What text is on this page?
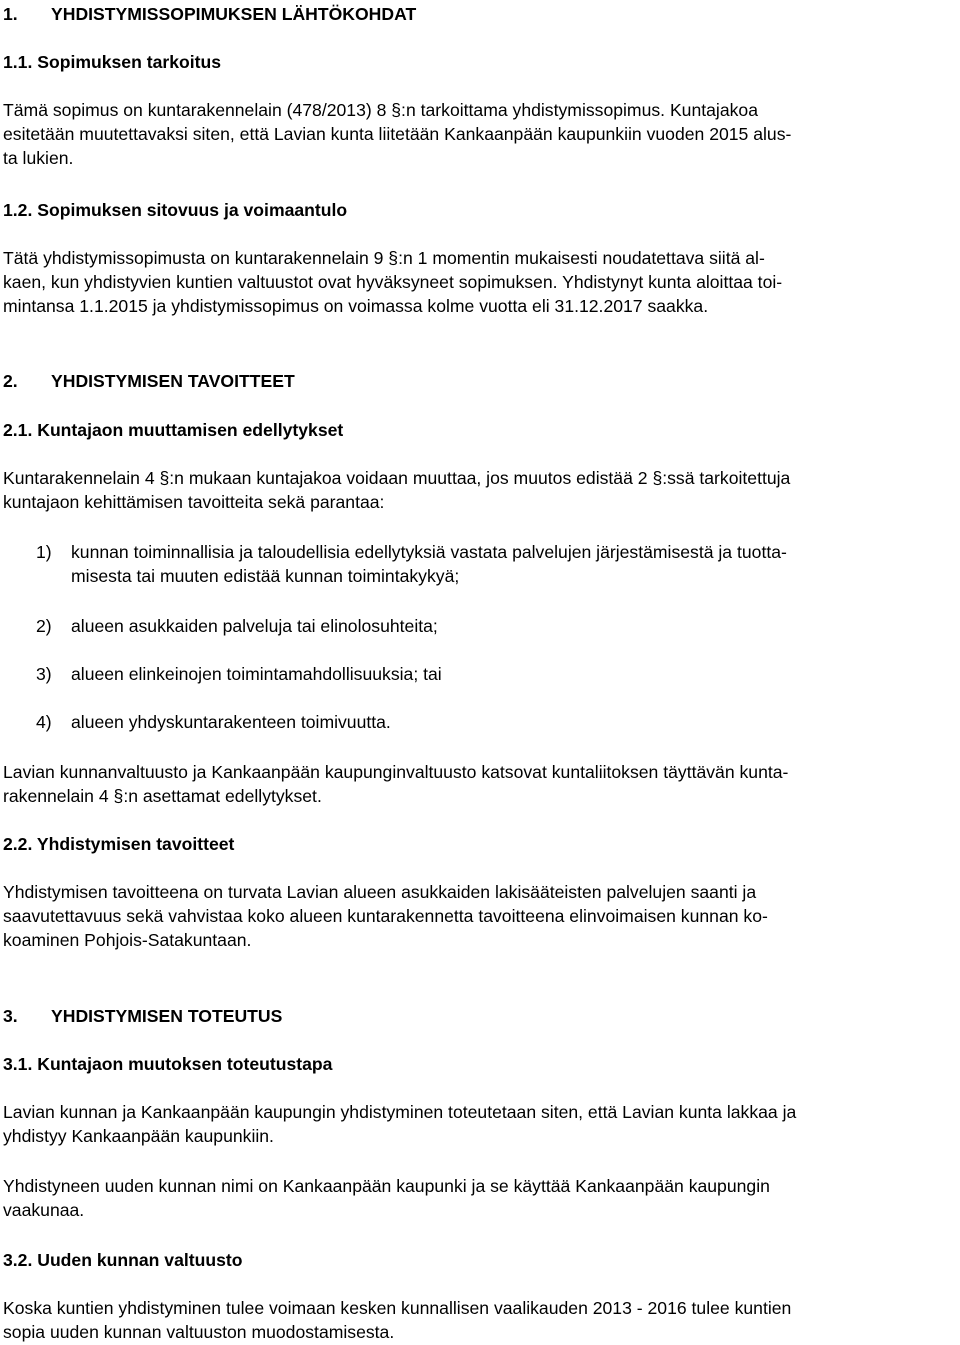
1. YHDISTYMISSOPIMUKSEN LÄHTÖKOHDAT
1.1. Sopimuksen tarkoitus
Tämä sopimus on kuntarakennelain (478/2013) 8 §:n tarkoittama yhdistymissopimus. Kuntajakoa
esitetään muutettavaksi siten, että Lavian kunta liitetään Kankaanpään kaupunkiin vuoden 2015 alus-
ta lukien.
1.2. Sopimuksen sitovuus ja voimaantulo
Tätä yhdistymissopimusta on kuntarakennelain 9 §:n 1 momentin mukaisesti noudatettava siitä al-
kaen, kun yhdistyvien kuntien valtuustot ovat hyväksyneet sopimuksen. Yhdistynyt kunta aloittaa toi-
mintansa 1.1.2015 ja yhdistymissopimus on voimassa kolme vuotta eli 31.12.2017 saakka.
2. YHDISTYMISEN TAVOITTEET
2.1. Kuntajaon muuttamisen edellytykset
Kuntarakennelain 4 §:n mukaan kuntajakoa voidaan muuttaa, jos muutos edistää 2 §:ssä tarkoitettuja
kuntajaon kehittämisen tavoitteita sekä parantaa:
1) kunnan toiminnallisia ja taloudellisia edellytyksiä vastata palvelujen järjestämisestä ja tuotta-
misesta tai muuten edistää kunnan toimintakykyä;
2) alueen asukkaiden palveluja tai elinolosuhteita;
3) alueen elinkeinojen toimintamahdollisuuksia; tai
4) alueen yhdyskuntarakenteen toimivuutta.
Lavian kunnanvaltuusto ja Kankaanpään kaupunginvaltuusto katsovat kuntaliitoksen täyttävän kunta-
rakennelain 4 §:n asettamat edellytykset.
2.2. Yhdistymisen tavoitteet
Yhdistymisen tavoitteena on turvata Lavian alueen asukkaiden lakisääteisten palvelujen saanti ja
saavutettavuus sekä vahvistaa koko alueen kuntarakennetta tavoitteena elinvoimaisen kunnan ko-
koaminen Pohjois-Satakuntaan.
3. YHDISTYMISEN TOTEUTUS
3.1. Kuntajaon muutoksen toteutustapa
Lavian kunnan ja Kankaanpään kaupungin yhdistyminen toteutetaan siten, että Lavian kunta lakkaa ja
yhdistyy Kankaanpään kaupunkiin.
Yhdistyneen uuden kunnan nimi on Kankaanpään kaupunki ja se käyttää Kankaanpään kaupungin
vaakunaa.
3.2. Uuden kunnan valtuusto
Koska kuntien yhdistyminen tulee voimaan kesken kunnallisen vaalikauden 2013 - 2016 tulee kuntien
sopia uuden kunnan valtuuston muodostamisesta.
